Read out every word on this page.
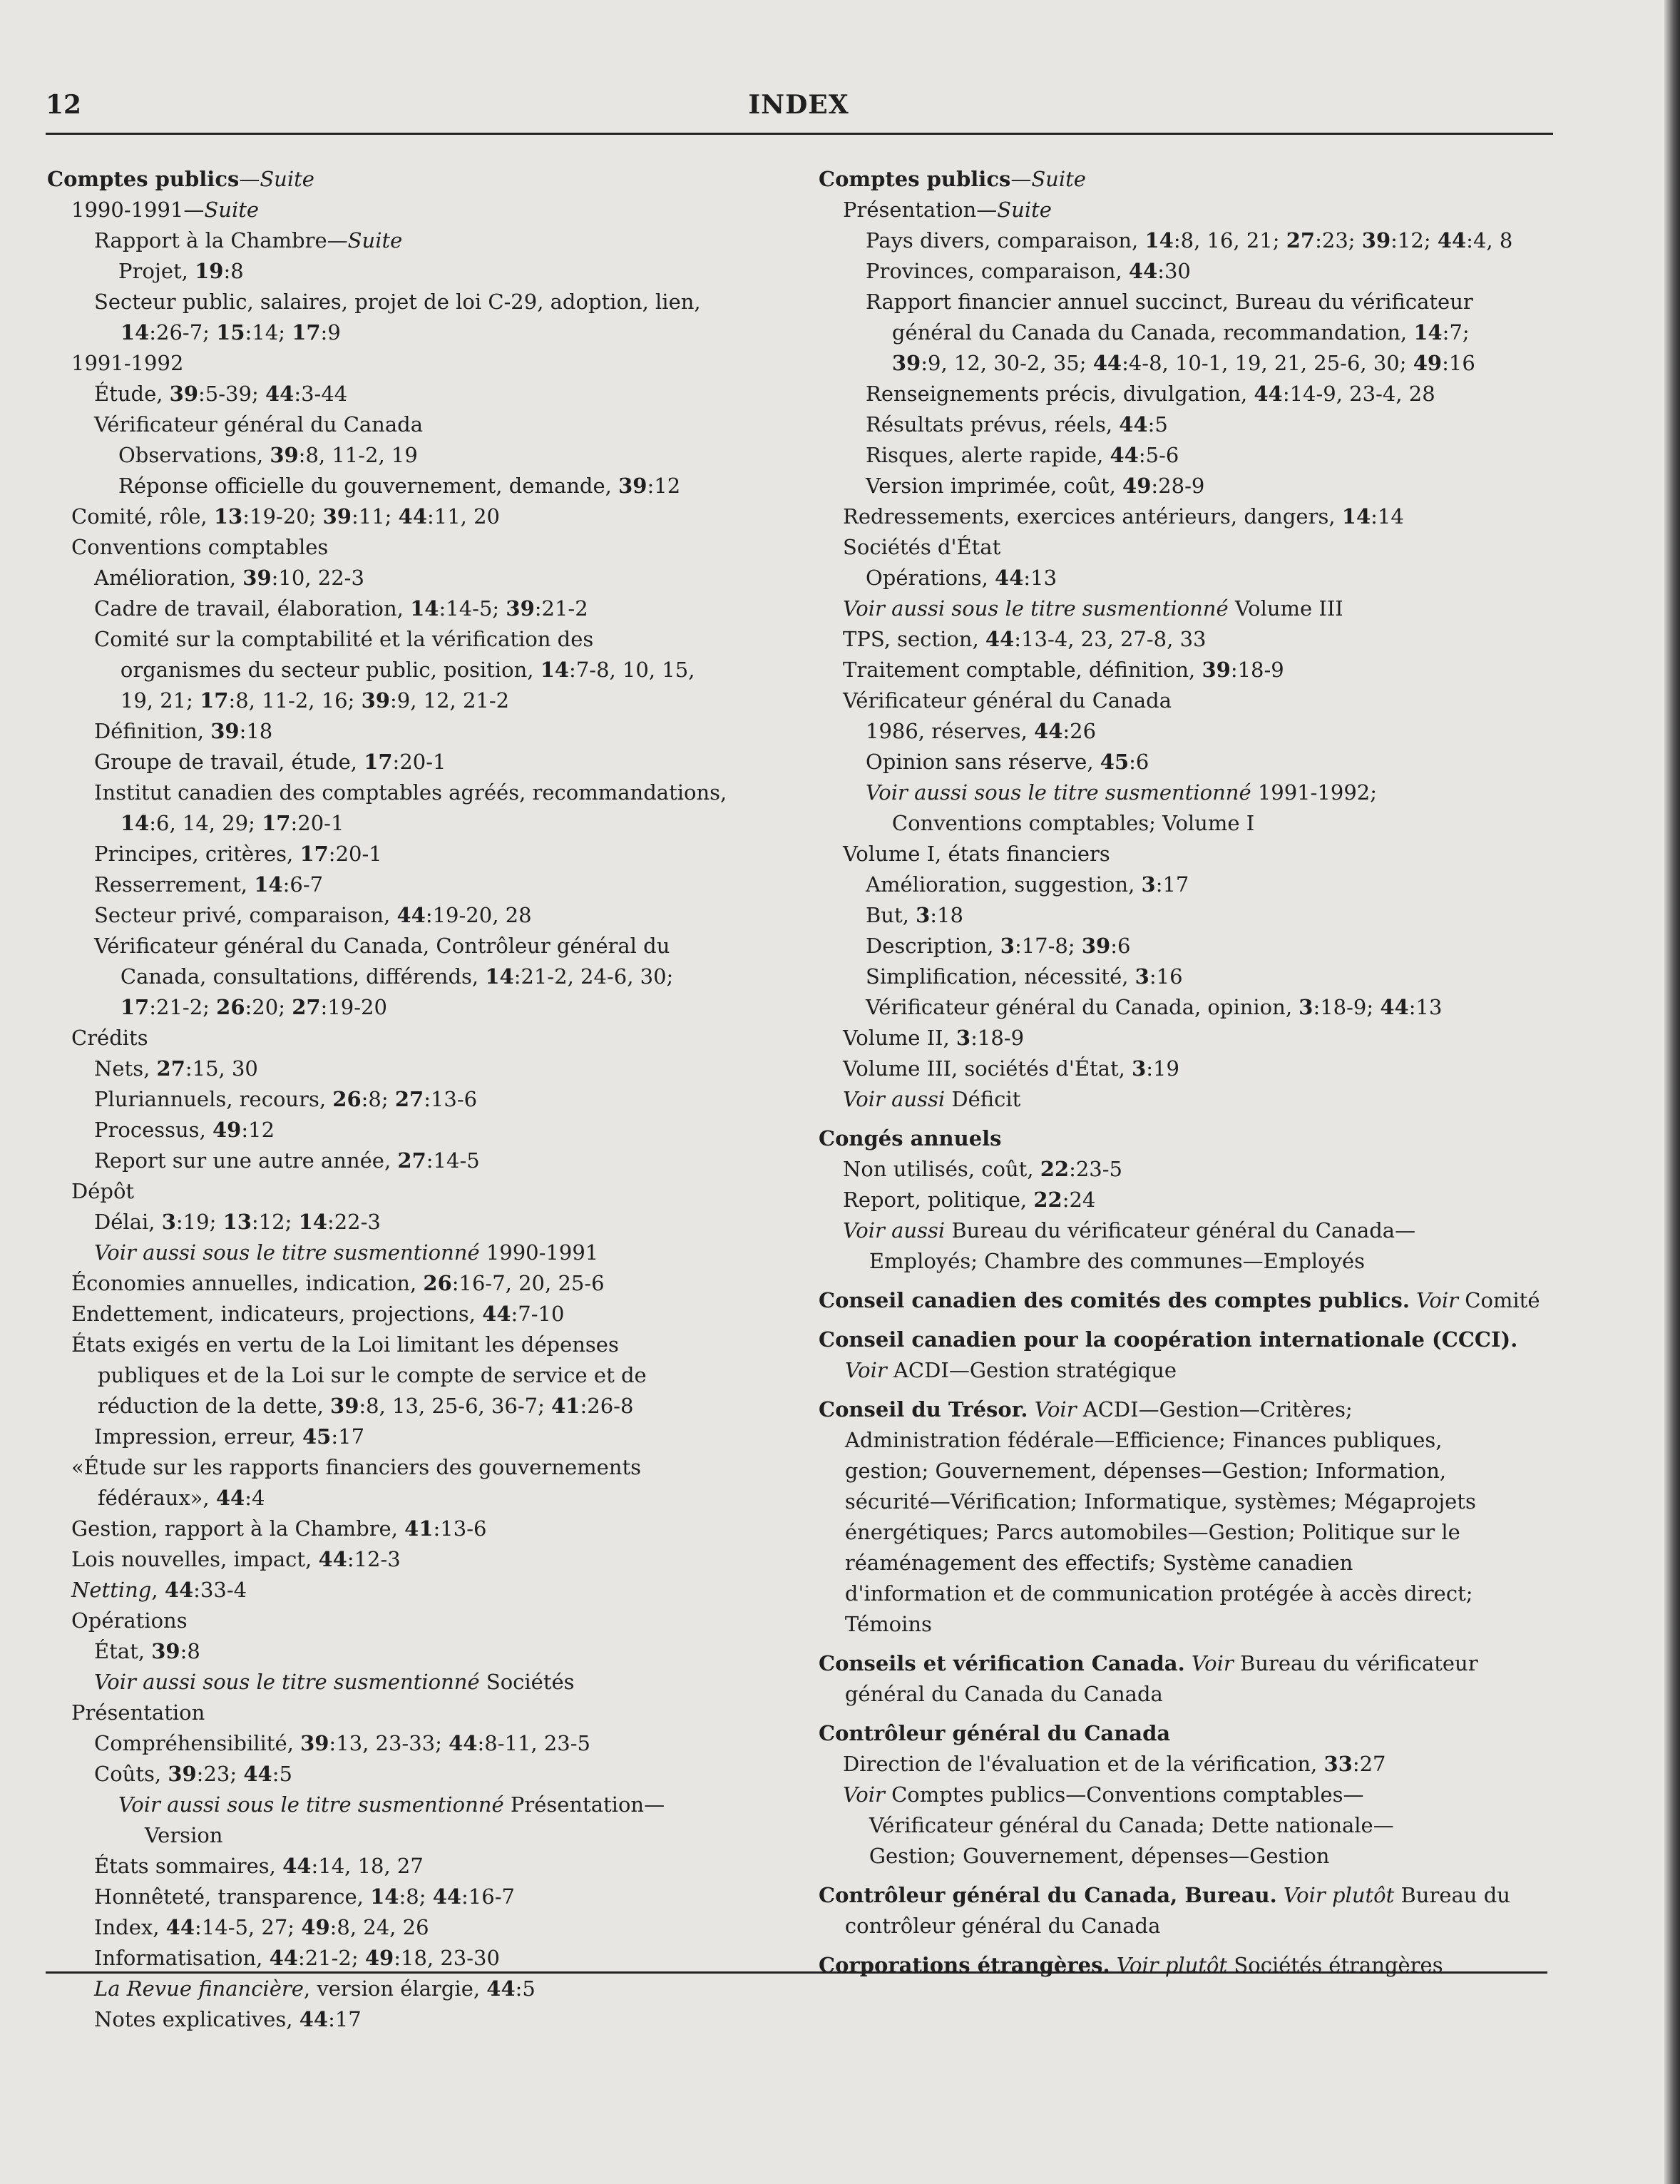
12	INDEX

Comptes publics—Suite

1990-1991—Suite

Rapport à la Chambre—Suite

Projet, 19:8

Secteur public, salaires, projet de loi C-29, adoption, lien,
14:26-7; 15:14; 17:9

1991-1992

Étude, 39:5-39; 44:3-44

Vérificateur général du Canada

Observations, 39:8, 11-2, 19

Réponse officielle du gouvernement, demande, 39:12

Comité, rôle, 13:19-20; 39:11; 44:11, 20

Conventions comptables

Amélioration, 39:10, 22-3

Cadre de travail, élaboration, 14:14-5; 39:21-2

Comité sur la comptabilité et la vérification des
organismes du secteur public, position, 14:7-8, 10, 15,
19, 21; 17:8, 11-2, 16; 39:9, 12, 21-2

Définition, 39:18

Groupe de travail, étude, 17:20-1

Institut canadien des comptables agréés, recommandations,
14:6, 14, 29; 17:20-1

Principes, critères, 17:20-1

Resserrement, 14:6-7

Secteur privé, comparaison, 44:19-20, 28

Vérificateur général du Canada, Contrôleur général du
Canada, consultations, différends, 14:21-2, 24-6, 30;
17:21-2; 26:20; 27:19-20

Crédits

Nets, 27:15, 30

Pluriannuels, recours, 26:8; 27:13-6

Processus, 49:12

Report sur une autre année, 27:14-5

Dépôt

Délai, 3:19; 13:12; 14:22-3

Voir aussi sous le titre susmentionné 1990-1991

Économies annuelles, indication, 26:16-7, 20, 25-6

Endettement, indicateurs, projections, 44:7-10

États exigés en vertu de la Loi limitant les dépenses
publiques et de la Loi sur le compte de service et de
réduction de la dette, 39:8, 13, 25-6, 36-7; 41:26-8

Impression, erreur, 45:17

«Étude sur les rapports financiers des gouvernements
fédéraux», 44:4

Gestion, rapport à la Chambre, 41:13-6

Lois nouvelles, impact, 44:12-3

Netting, 44:33-4

Opérations

État, 39:8

Voir aussi sous le titre susmentionné Sociétés

Présentation

Compréhensibilité, 39:13, 23-33; 44:8-11, 23-5

Coûts, 39:23; 44:5

Voir aussi sous le titre susmentionné Présentation—
Version

États sommaires, 44:14, 18, 27

Honnêteté, transparence, 14:8; 44:16-7

Index, 44:14-5, 27; 49:8, 24, 26

Informatisation, 44:21-2; 49:18, 23-30

La Revue financière, version élargie, 44:5

Notes explicatives, 44:17

Comptes publics—Suite

Présentation—Suite

Pays divers, comparaison, 14:8, 16, 21; 27:23; 39:12; 44:4, 8

Provinces, comparaison, 44:30

Rapport financier annuel succinct, Bureau du vérificateur
général du Canada du Canada, recommandation, 14:7;
39:9, 12, 30-2, 35; 44:4-8, 10-1, 19, 21, 25-6, 30; 49:16

Renseignements précis, divulgation, 44:14-9, 23-4, 28

Résultats prévus, réels, 44:5

Risques, alerte rapide, 44:5-6

Version imprimée, coût, 49:28-9

Redressements, exercices antérieurs, dangers, 14:14

Sociétés d'État

Opérations, 44:13

Voir aussi sous le titre susmentionné Volume III

TPS, section, 44:13-4, 23, 27-8, 33

Traitement comptable, définition, 39:18-9

Vérificateur général du Canada

1986, réserves, 44:26

Opinion sans réserve, 45:6

Voir aussi sous le titre susmentionné 1991-1992;
Conventions comptables; Volume I

Volume I, états financiers

Amélioration, suggestion, 3:17

But, 3:18

Description, 3:17-8; 39:6

Simplification, nécessité, 3:16

Vérificateur général du Canada, opinion, 3:18-9; 44:13

Volume II, 3:18-9

Volume III, sociétés d'État, 3:19

Voir aussi Déficit

Congés annuels

Non utilisés, coût, 22:23-5

Report, politique, 22:24

Voir aussi Bureau du vérificateur général du Canada—
Employés; Chambre des communes—Employés

Conseil canadien des comités des comptes publics. Voir Comité

Conseil canadien pour la coopération internationale (CCCI).
Voir ACDI—Gestion stratégique

Conseil du Trésor. Voir ACDI—Gestion—Critères;
Administration fédérale—Efficience; Finances publiques,
gestion; Gouvernement, dépenses—Gestion; Information,
sécurité—Vérification; Informatique, systèmes; Mégaprojets
énergétiques; Parcs automobiles—Gestion; Politique sur le
réaménagement des effectifs; Système canadien
d'information et de communication protégée à accès direct;
Témoins

Conseils et vérification Canada. Voir Bureau du vérificateur
général du Canada du Canada

Contrôleur général du Canada

Direction de l'évaluation et de la vérification, 33:27

Voir Comptes publics—Conventions comptables—
Vérificateur général du Canada; Dette nationale—
Gestion; Gouvernement, dépenses—Gestion

Contrôleur général du Canada, Bureau. Voir plutôt Bureau du
contrôleur général du Canada

Corporations étrangères. Voir plutôt Sociétés étrangères
